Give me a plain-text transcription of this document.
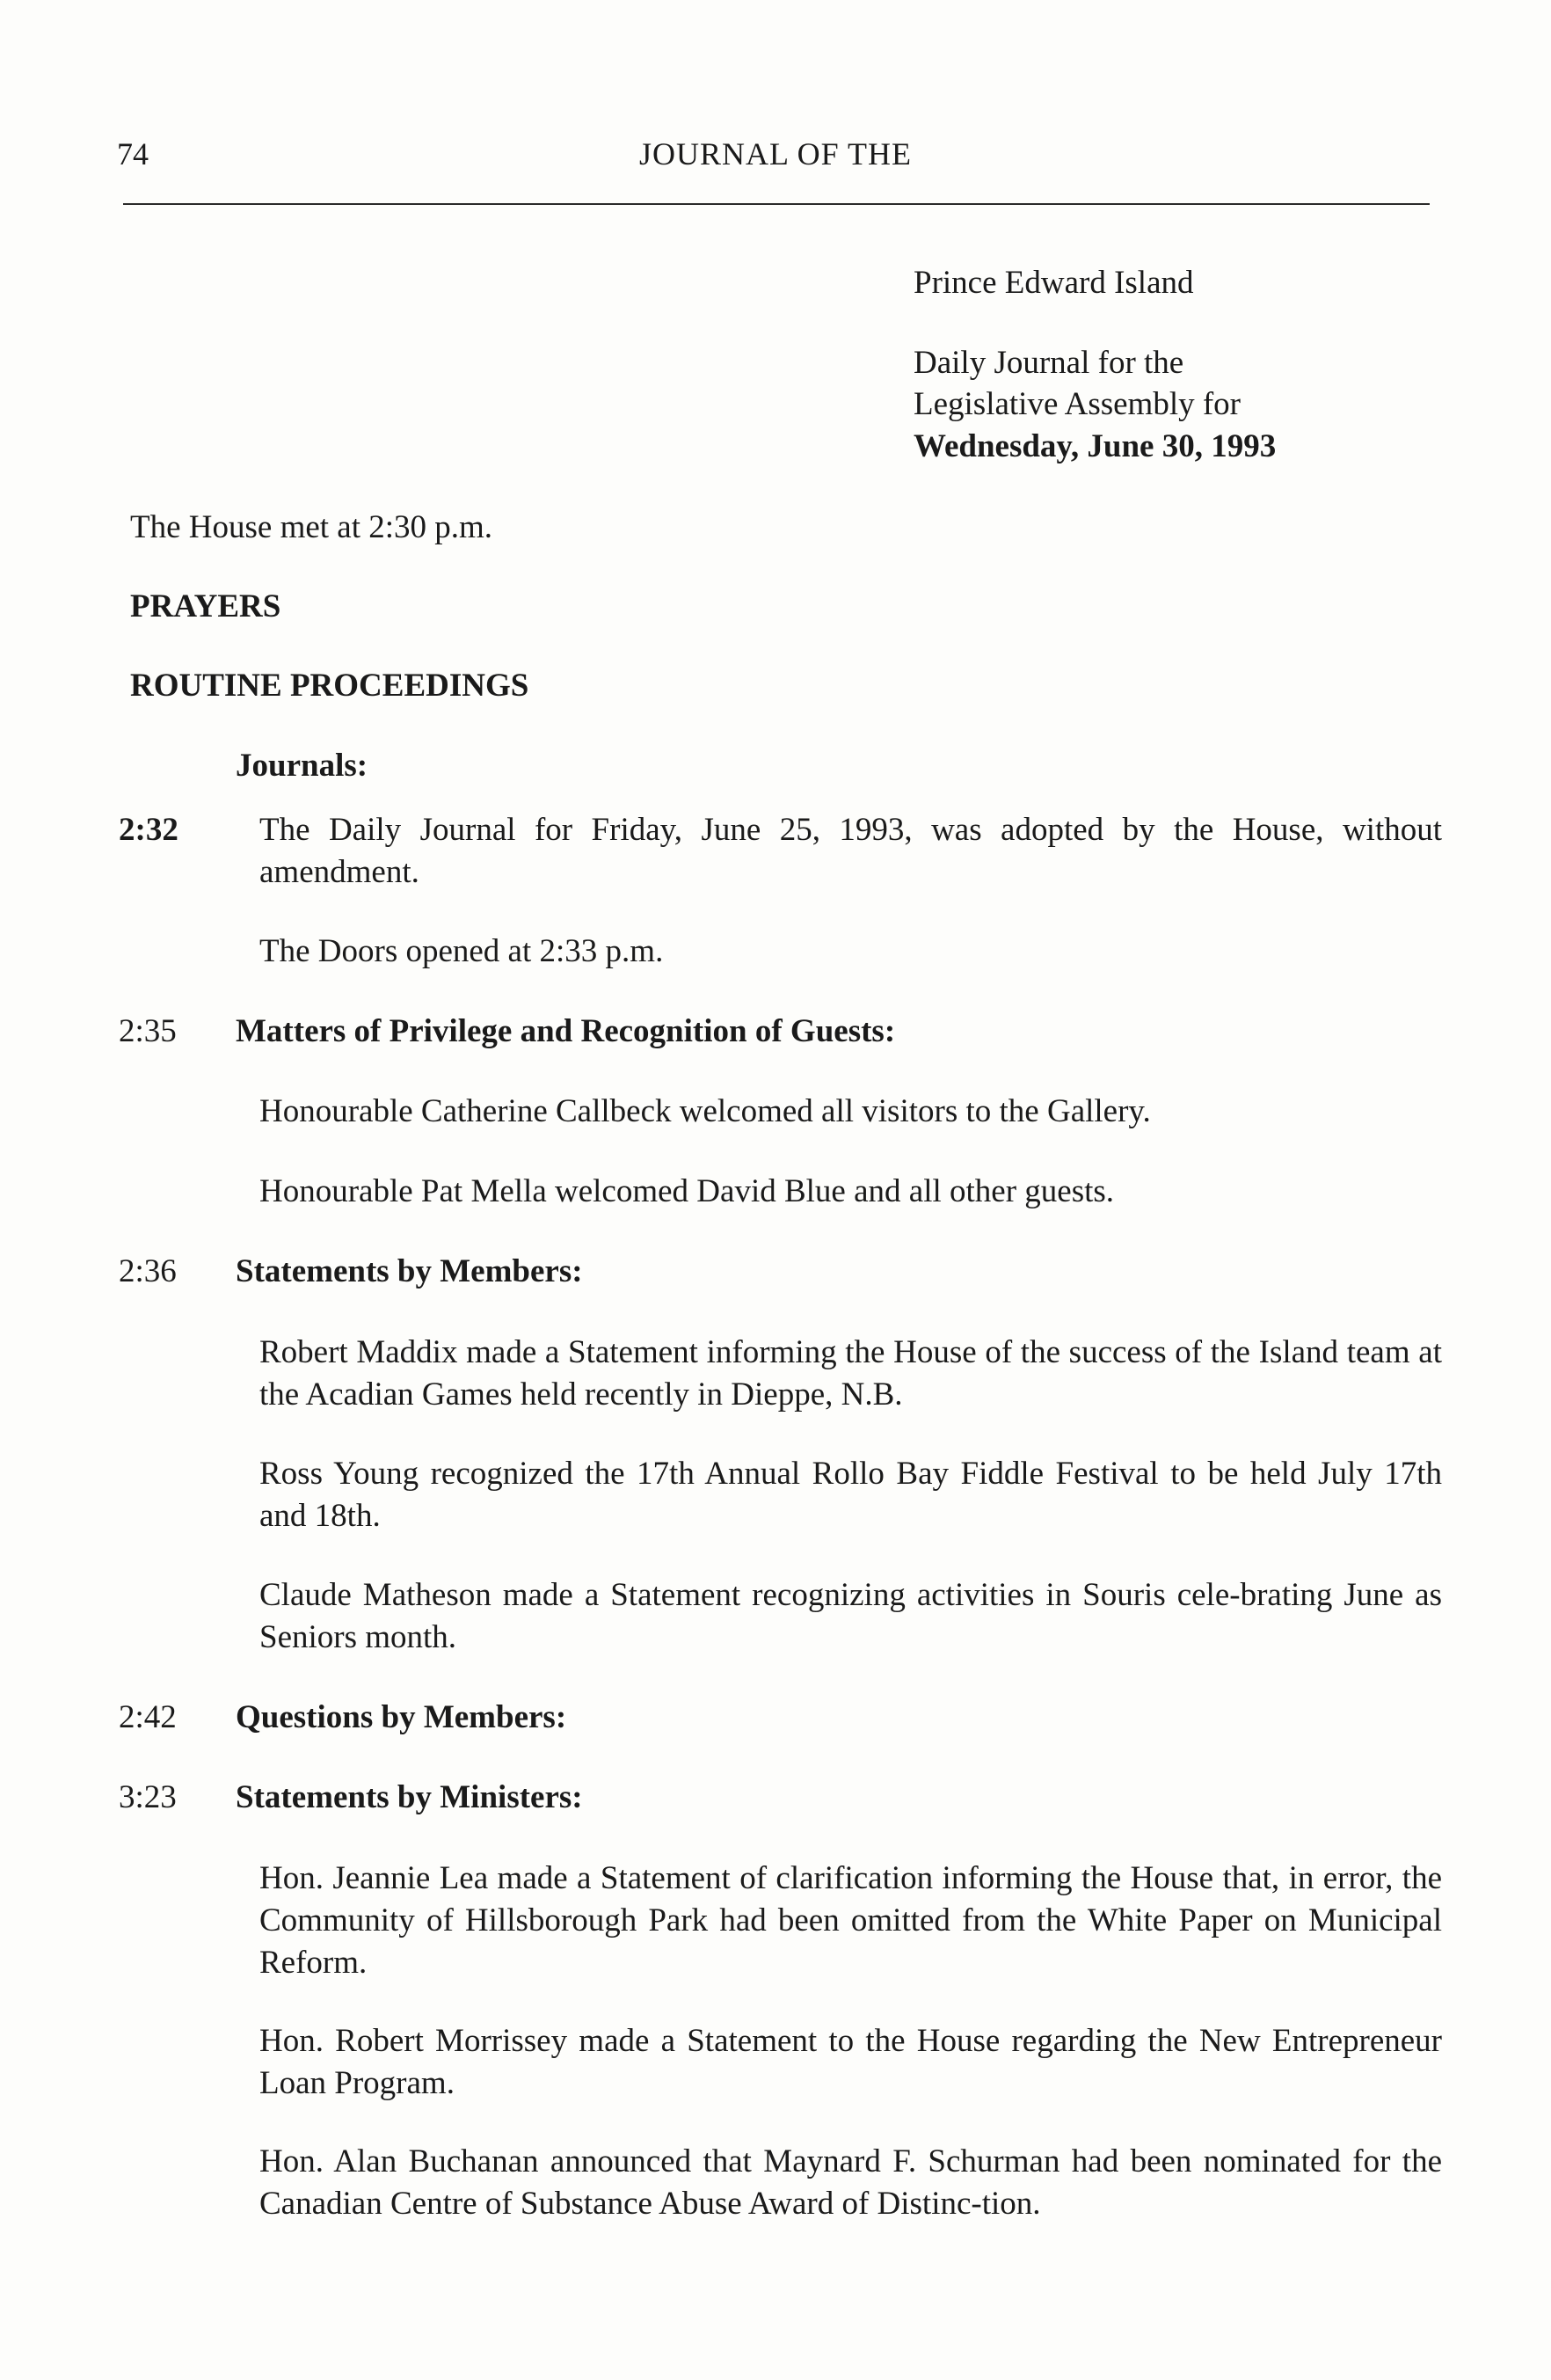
74	JOURNAL OF THE
Prince Edward Island
Daily Journal for the
Legislative Assembly for
Wednesday, June 30, 1993
The House met at 2:30 p.m.
PRAYERS
ROUTINE PROCEEDINGS
Journals:
2:32	The Daily Journal for Friday, June 25, 1993, was adopted by the House, without amendment.
The Doors opened at 2:33 p.m.
2:35	Matters of Privilege and Recognition of Guests:
Honourable Catherine Callbeck welcomed all visitors to the Gallery.
Honourable Pat Mella welcomed David Blue and all other guests.
2:36	Statements by Members:
Robert Maddix made a Statement informing the House of the success of the Island team at the Acadian Games held recently in Dieppe, N.B.
Ross Young recognized the 17th Annual Rollo Bay Fiddle Festival to be held July 17th and 18th.
Claude Matheson made a Statement recognizing activities in Souris cele-brating June as Seniors month.
2:42	Questions by Members:
3:23	Statements by Ministers:
Hon. Jeannie Lea made a Statement of clarification informing the House that, in error, the Community of Hillsborough Park had been omitted from the White Paper on Municipal Reform.
Hon. Robert Morrissey made a Statement to the House regarding the New Entrepreneur Loan Program.
Hon. Alan Buchanan announced that Maynard F. Schurman had been nominated for the Canadian Centre of Substance Abuse Award of Distinc-tion.
